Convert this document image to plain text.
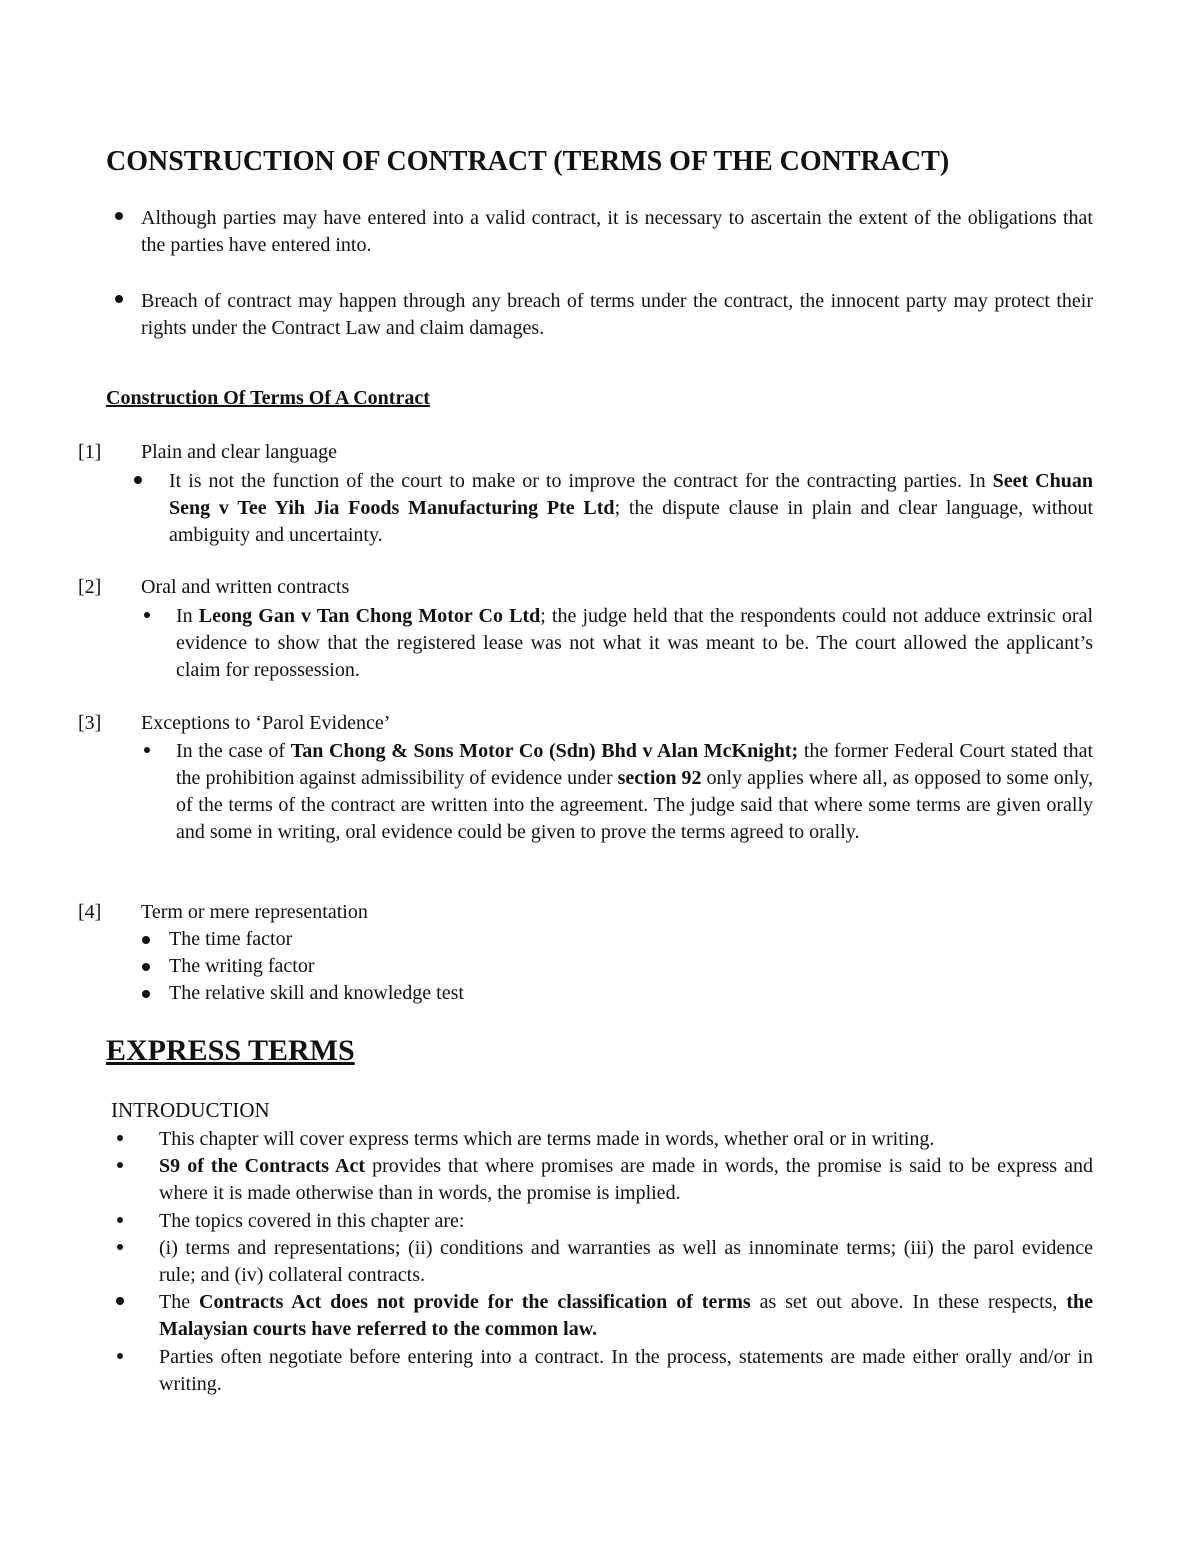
CONSTRUCTION OF CONTRACT (TERMS OF THE CONTRACT)
Although parties may have entered into a valid contract, it is necessary to ascertain the extent of the obligations that the parties have entered into.
Breach of contract may happen through any breach of terms under the contract, the innocent party may protect their rights under the Contract Law and claim damages.
Construction Of Terms Of A Contract
[1] Plain and clear language
It is not the function of the court to make or to improve the contract for the contracting parties. In Seet Chuan Seng v Tee Yih Jia Foods Manufacturing Pte Ltd; the dispute clause in plain and clear language, without ambiguity and uncertainty.
[2] Oral and written contracts
In Leong Gan v Tan Chong Motor Co Ltd; the judge held that the respondents could not adduce extrinsic oral evidence to show that the registered lease was not what it was meant to be. The court allowed the applicant’s claim for repossession.
[3] Exceptions to ‘Parol Evidence’
In the case of Tan Chong & Sons Motor Co (Sdn) Bhd v Alan McKnight; the former Federal Court stated that the prohibition against admissibility of evidence under section 92 only applies where all, as opposed to some only, of the terms of the contract are written into the agreement. The judge said that where some terms are given orally and some in writing, oral evidence could be given to prove the terms agreed to orally.
[4] Term or mere representation
The time factor
The writing factor
The relative skill and knowledge test
EXPRESS TERMS
INTRODUCTION
This chapter will cover express terms which are terms made in words, whether oral or in writing.
S9 of the Contracts Act provides that where promises are made in words, the promise is said to be express and where it is made otherwise than in words, the promise is implied.
The topics covered in this chapter are:
(i) terms and representations; (ii) conditions and warranties as well as innominate terms; (iii) the parol evidence rule; and (iv) collateral contracts.
The Contracts Act does not provide for the classification of terms as set out above. In these respects, the Malaysian courts have referred to the common law.
Parties often negotiate before entering into a contract. In the process, statements are made either orally and/or in writing.
